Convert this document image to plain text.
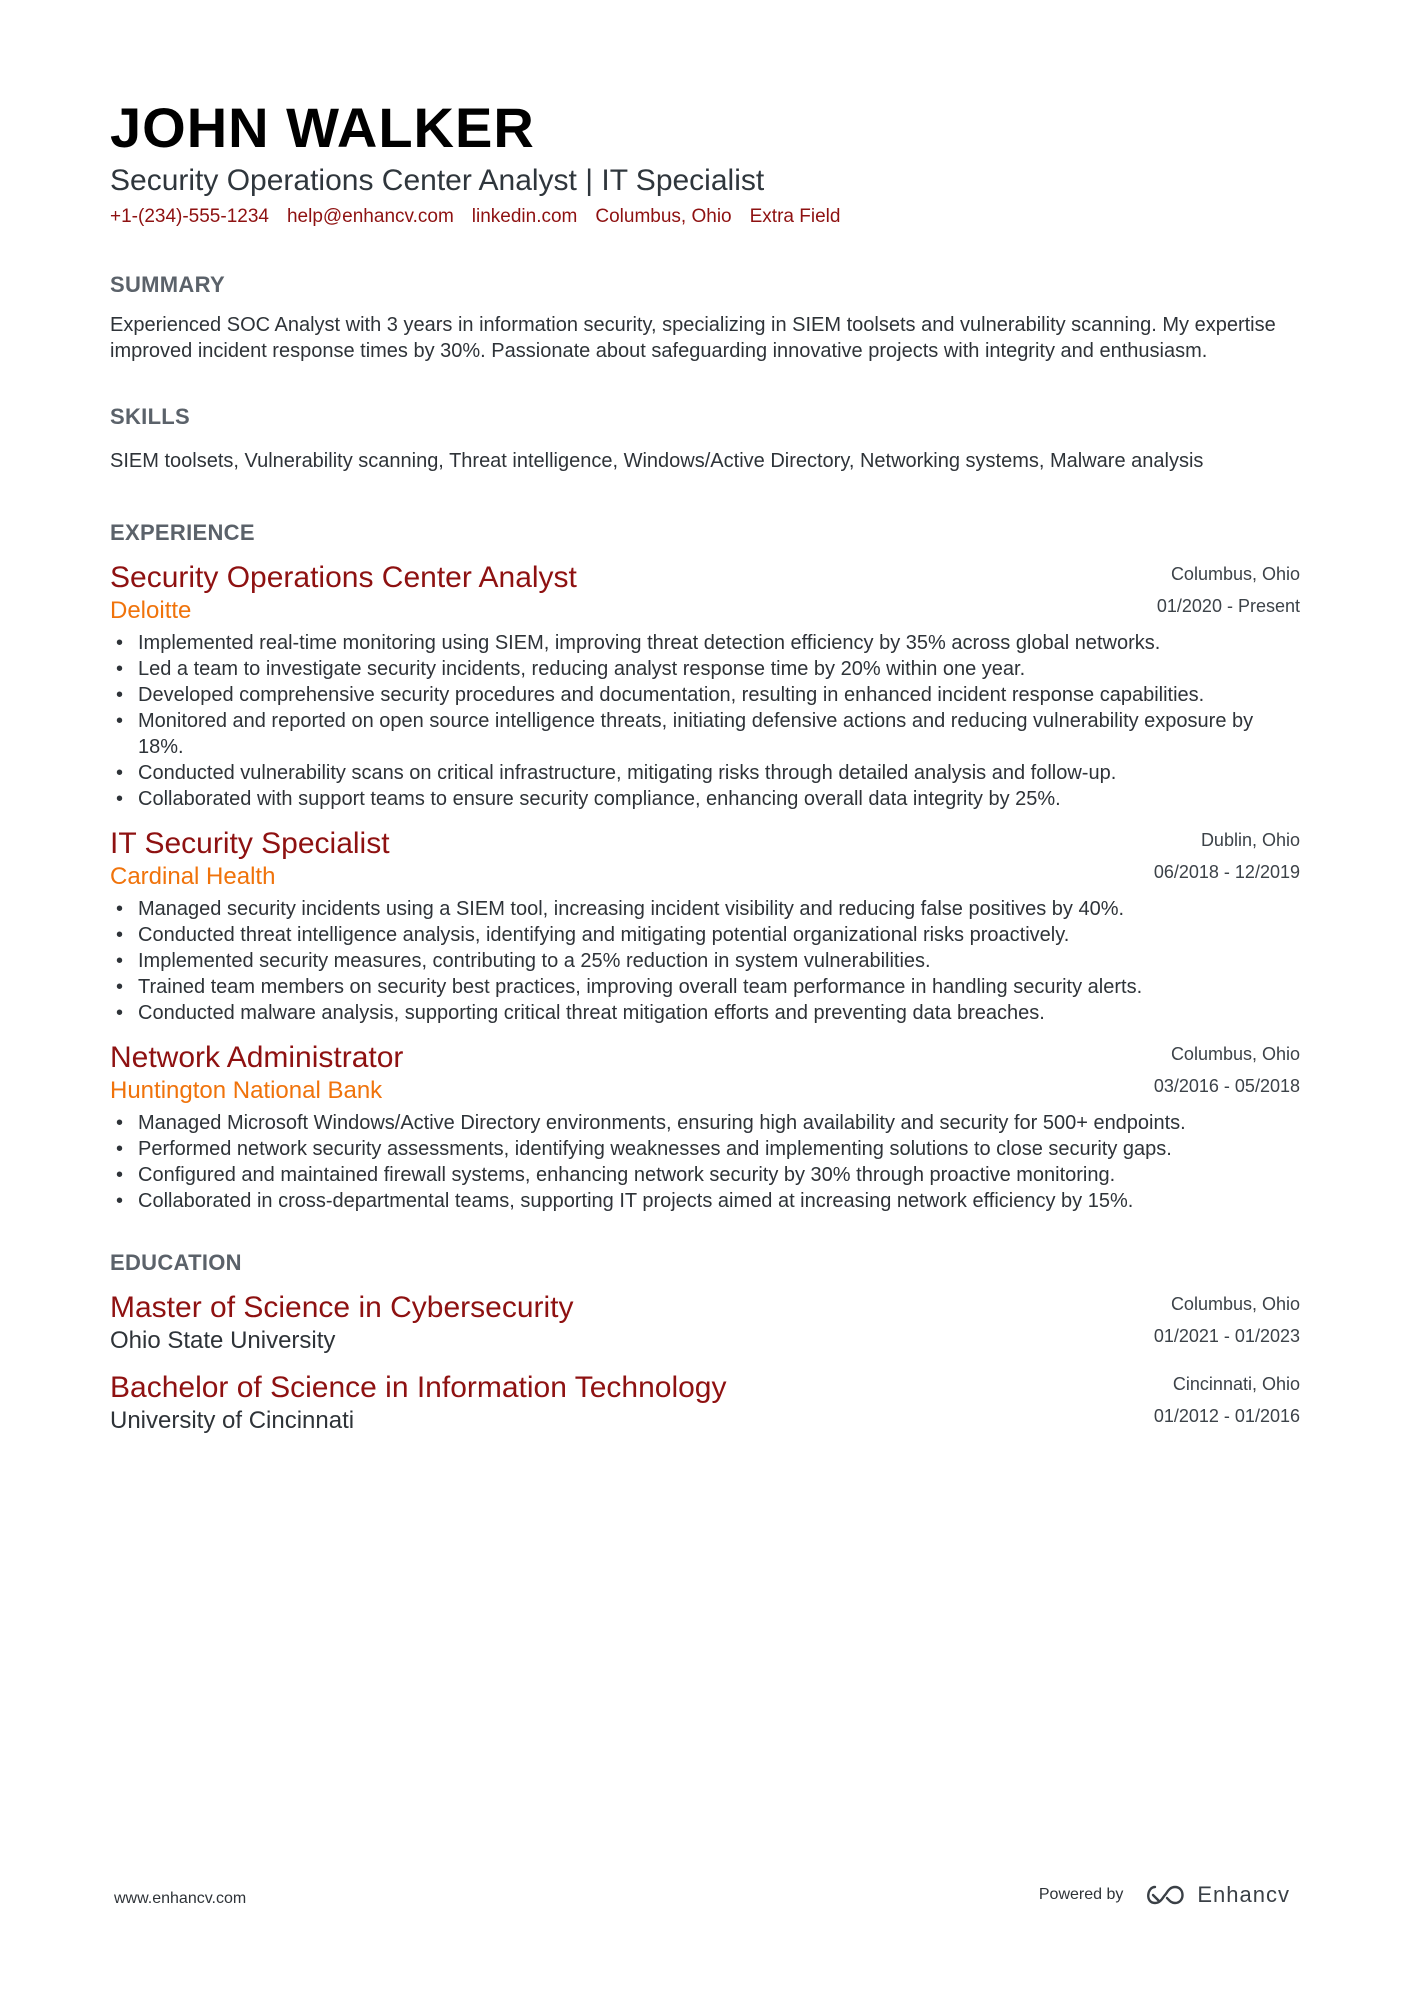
JOHN WALKER
Security Operations Center Analyst | IT Specialist
+1-(234)-555-1234 help@enhancv.com linkedin.com Columbus, Ohio Extra Field
SUMMARY
Experienced SOC Analyst with 3 years in information security, specializing in SIEM toolsets and vulnerability scanning. My expertise improved incident response times by 30%. Passionate about safeguarding innovative projects with integrity and enthusiasm.
SKILLS
SIEM toolsets, Vulnerability scanning, Threat intelligence, Windows/Active Directory, Networking systems, Malware analysis
EXPERIENCE
Security Operations Center Analyst
Deloitte
Columbus, Ohio
01/2020 - Present
• Implemented real-time monitoring using SIEM, improving threat detection efficiency by 35% across global networks.
• Led a team to investigate security incidents, reducing analyst response time by 20% within one year.
• Developed comprehensive security procedures and documentation, resulting in enhanced incident response capabilities.
• Monitored and reported on open source intelligence threats, initiating defensive actions and reducing vulnerability exposure by 18%.
• Conducted vulnerability scans on critical infrastructure, mitigating risks through detailed analysis and follow-up.
• Collaborated with support teams to ensure security compliance, enhancing overall data integrity by 25%.
IT Security Specialist
Cardinal Health
Dublin, Ohio
06/2018 - 12/2019
• Managed security incidents using a SIEM tool, increasing incident visibility and reducing false positives by 40%.
• Conducted threat intelligence analysis, identifying and mitigating potential organizational risks proactively.
• Implemented security measures, contributing to a 25% reduction in system vulnerabilities.
• Trained team members on security best practices, improving overall team performance in handling security alerts.
• Conducted malware analysis, supporting critical threat mitigation efforts and preventing data breaches.
Network Administrator
Huntington National Bank
Columbus, Ohio
03/2016 - 05/2018
• Managed Microsoft Windows/Active Directory environments, ensuring high availability and security for 500+ endpoints.
• Performed network security assessments, identifying weaknesses and implementing solutions to close security gaps.
• Configured and maintained firewall systems, enhancing network security by 30% through proactive monitoring.
• Collaborated in cross-departmental teams, supporting IT projects aimed at increasing network efficiency by 15%.
EDUCATION
Master of Science in Cybersecurity
Ohio State University
Columbus, Ohio
01/2021 - 01/2023
Bachelor of Science in Information Technology
University of Cincinnati
Cincinnati, Ohio
01/2012 - 01/2016
www.enhancv.com	Powered by	Enhancv
